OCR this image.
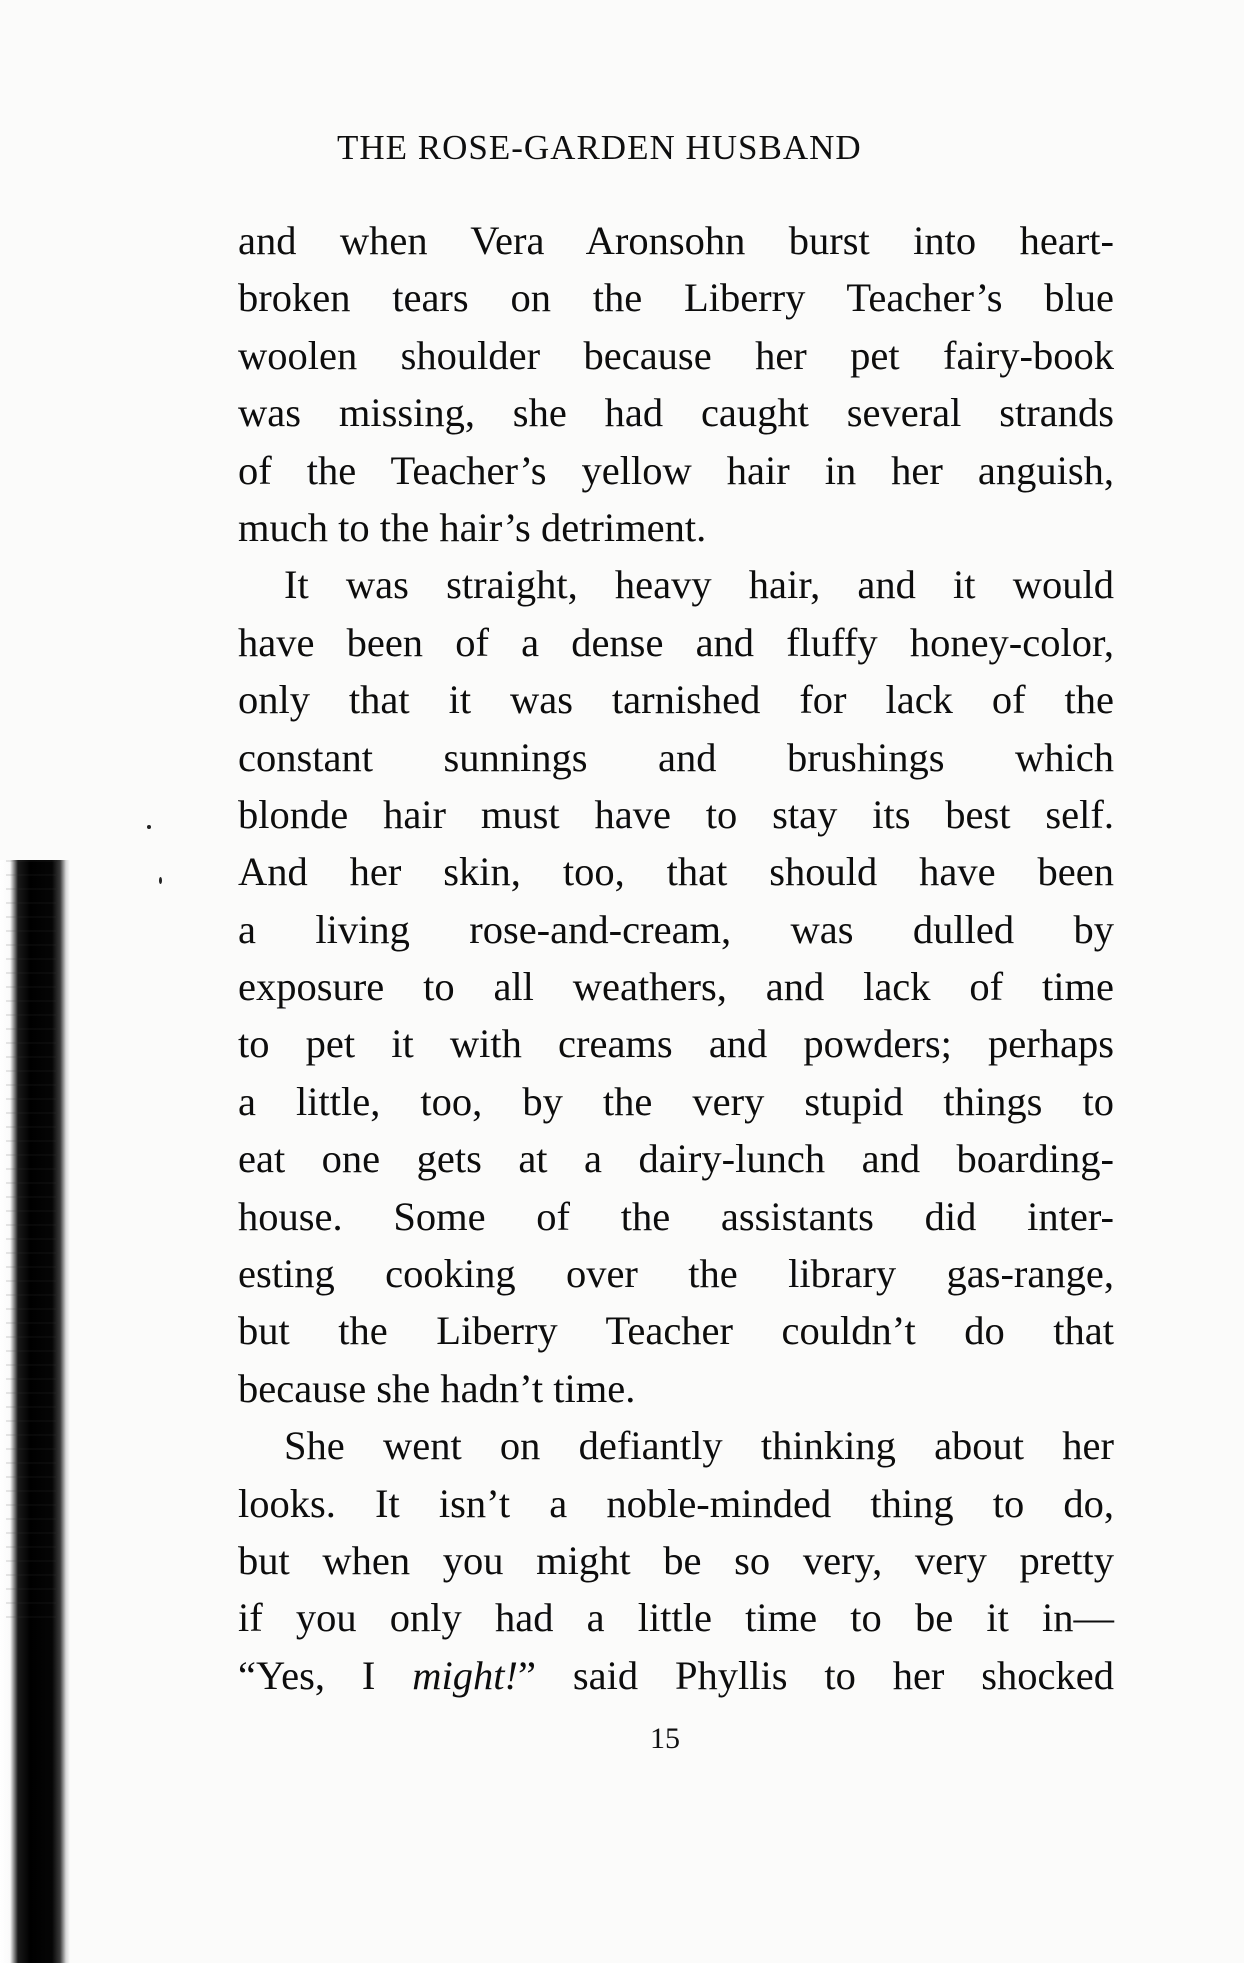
THE ROSE-GARDEN HUSBAND
and when Vera Aronsohn burst into heart-
broken tears on the Liberry Teacher’s blue
woolen shoulder because her pet fairy-book
was missing, she had caught several strands
of the Teacher’s yellow hair in her anguish,
much to the hair’s detriment.
It was straight, heavy hair, and it would
have been of a dense and fluffy honey-color,
only that it was tarnished for lack of the
constant sunnings and brushings which
blonde hair must have to stay its best self.
And her skin, too, that should have been
a living rose-and-cream, was dulled by
exposure to all weathers, and lack of time
to pet it with creams and powders; perhaps
a little, too, by the very stupid things to
eat one gets at a dairy-lunch and boarding-
house. Some of the assistants did inter-
esting cooking over the library gas-range,
but the Liberry Teacher couldn’t do that
because she hadn’t time.
She went on defiantly thinking about her
looks. It isn’t a noble-minded thing to do,
but when you might be so very, very pretty
if you only had a little time to be it in—
“Yes, I might!” said Phyllis to her shocked
15
